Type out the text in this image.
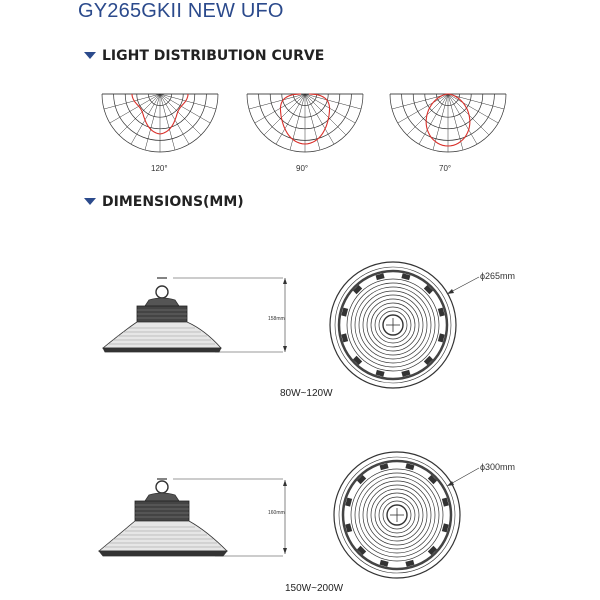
GY265GKII NEW UFO
LIGHT DISTRIBUTION CURVE
DIMENSIONS(MM)
120°	90°	70°
158mm
ϕ265mm
80W~120W
160mm
ϕ300mm
150W~200W
